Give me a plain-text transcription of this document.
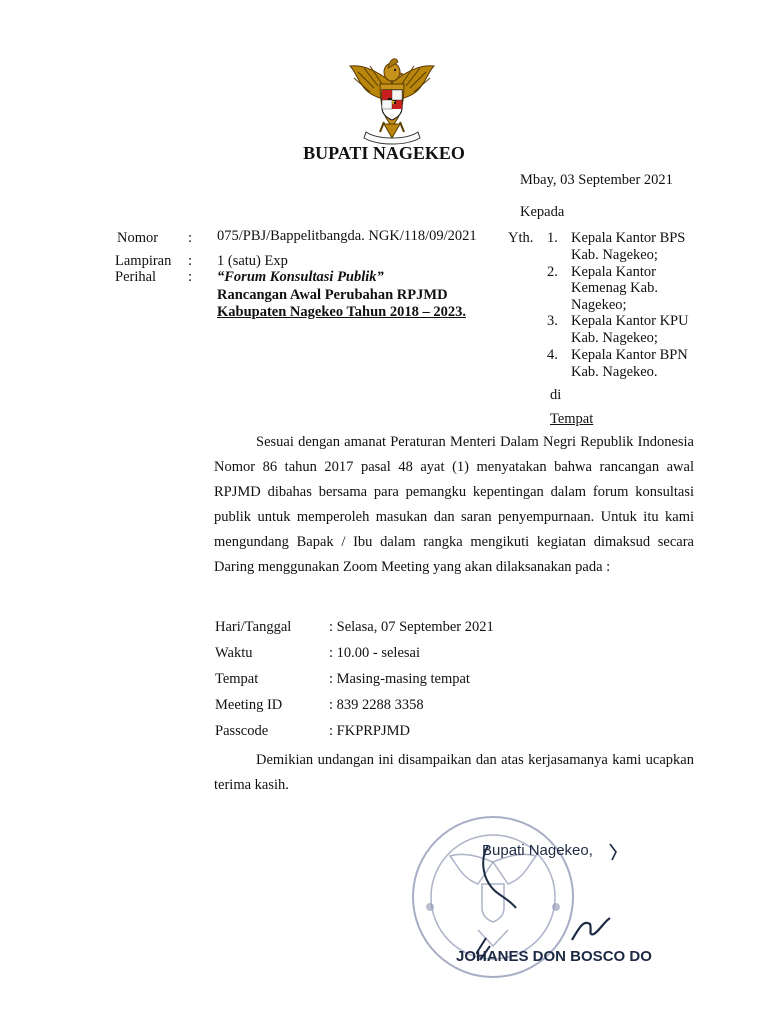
BUPATI NAGEKEO
Mbay, 03 September 2021
Kepada
Nomor : 075/PBJ/Bappelitbangda. NGK/118/09/2021
Lampiran : 1 (satu) Exp
Perihal : “Forum Konsultasi Publik”
Rancangan Awal Perubahan RPJMD
Kabupaten Nagekeo Tahun 2018 – 2023.
Yth. 1. Kepala Kantor BPS
Kab. Nagekeo;
2. Kepala Kantor
Kemenag Kab.
Nagekeo;
3. Kepala Kantor KPU
Kab. Nagekeo;
4. Kepala Kantor BPN
Kab. Nagekeo.
di
Tempat
Sesuai dengan amanat Peraturan Menteri Dalam Negri Republik Indonesia Nomor 86 tahun 2017 pasal 48 ayat (1) menyatakan bahwa rancangan awal RPJMD dibahas bersama para pemangku kepentingan dalam forum konsultasi publik untuk memperoleh masukan dan saran penyempurnaan. Untuk itu kami mengundang Bapak / Ibu dalam rangka mengikuti kegiatan dimaksud secara Daring menggunakan Zoom Meeting yang akan dilaksanakan pada :
Hari/Tanggal	: Selasa, 07 September 2021
Waktu	: 10.00 - selesai
Tempat	: Masing-masing tempat
Meeting ID	: 839 2288 3358
Passcode	: FKPRPJMD
Demikian undangan ini disampaikan dan atas kerjasamanya kami ucapkan terima kasih.
Bupati Nagekeo,
JOHANES DON BOSCO DO
